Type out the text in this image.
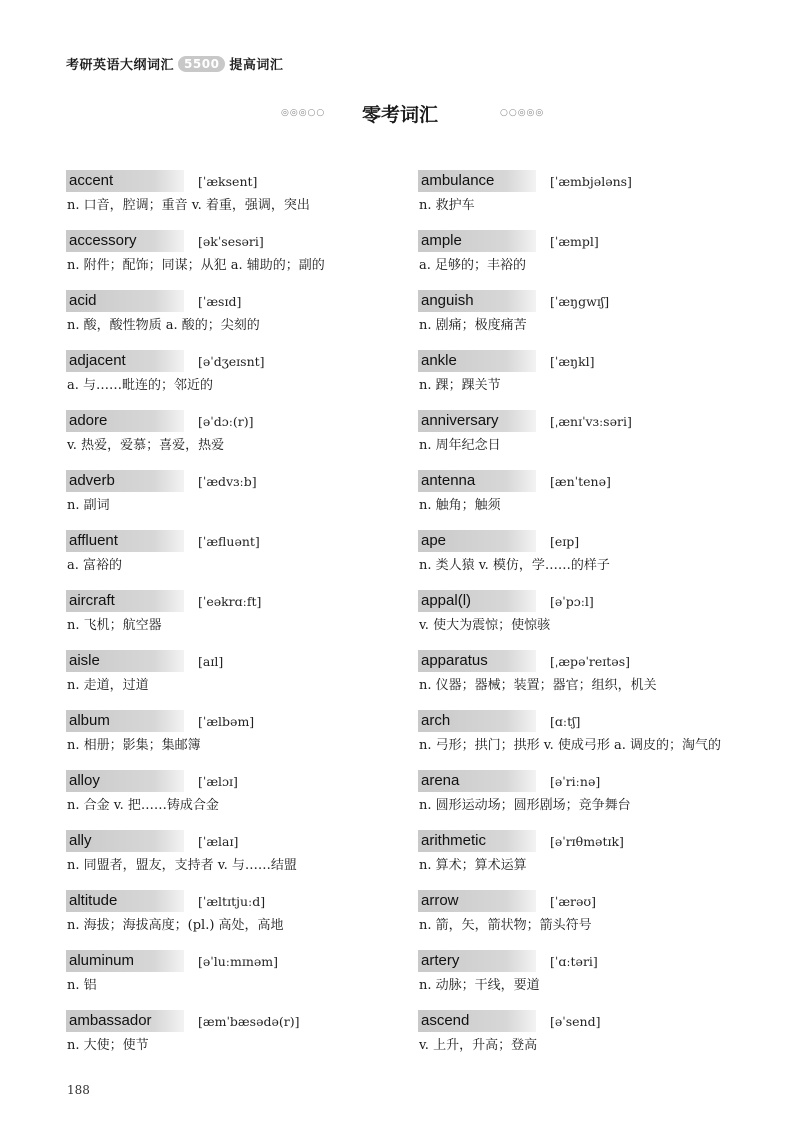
考研英语大纲词汇 5500 提高词汇
◎◎◎○○	零考词汇	○○◎◎◎
accent	[ˈæksent]
n. 口音，腔调；重音 v. 着重，强调，突出
accessory	[əkˈsesəri]
n. 附件；配饰；同谋；从犯 a. 辅助的；副的
acid	[ˈæsɪd]
n. 酸，酸性物质 a. 酸的；尖刻的
adjacent	[əˈdʒeɪsnt]
a. 与……毗连的；邻近的
adore	[əˈdɔː(r)]
v. 热爱，爱慕；喜爱，热爱
adverb	[ˈædvɜːb]
n. 副词
affluent	[ˈæfluənt]
a. 富裕的
aircraft	[ˈeəkrɑːft]
n. 飞机；航空器
aisle	[aɪl]
n. 走道，过道
album	[ˈælbəm]
n. 相册；影集；集邮簿
alloy	[ˈælɔɪ]
n. 合金 v. 把……铸成合金
ally	[ˈælaɪ]
n. 同盟者，盟友，支持者 v. 与……结盟
altitude	[ˈæltɪtjuːd]
n. 海拔；海拔高度；(pl.) 高处，高地
aluminum	[əˈluːmɪnəm]
n. 铝
ambassador	[æmˈbæsədə(r)]
n. 大使；使节
ambulance	[ˈæmbjələns]
n. 救护车
ample	[ˈæmpl]
a. 足够的；丰裕的
anguish	[ˈæŋgwɪʃ]
n. 剧痛；极度痛苦
ankle	[ˈæŋkl]
n. 踝；踝关节
anniversary	[ˌænɪˈvɜːsəri]
n. 周年纪念日
antenna	[ænˈtenə]
n. 触角；触须
ape	[eɪp]
n. 类人猿 v. 模仿，学……的样子
appal(l)	[əˈpɔːl]
v. 使大为震惊；使惊骇
apparatus	[ˌæpəˈreɪtəs]
n. 仪器；器械；装置；器官；组织，机关
arch	[ɑːtʃ]
n. 弓形；拱门；拱形 v. 使成弓形 a. 调皮的；淘气的
arena	[əˈriːnə]
n. 圆形运动场；圆形剧场；竞争舞台
arithmetic	[əˈrɪθmətɪk]
n. 算术；算术运算
arrow	[ˈærəʊ]
n. 箭，矢，箭状物；箭头符号
artery	[ˈɑːtəri]
n. 动脉；干线，要道
ascend	[əˈsend]
v. 上升，升高；登高
188
